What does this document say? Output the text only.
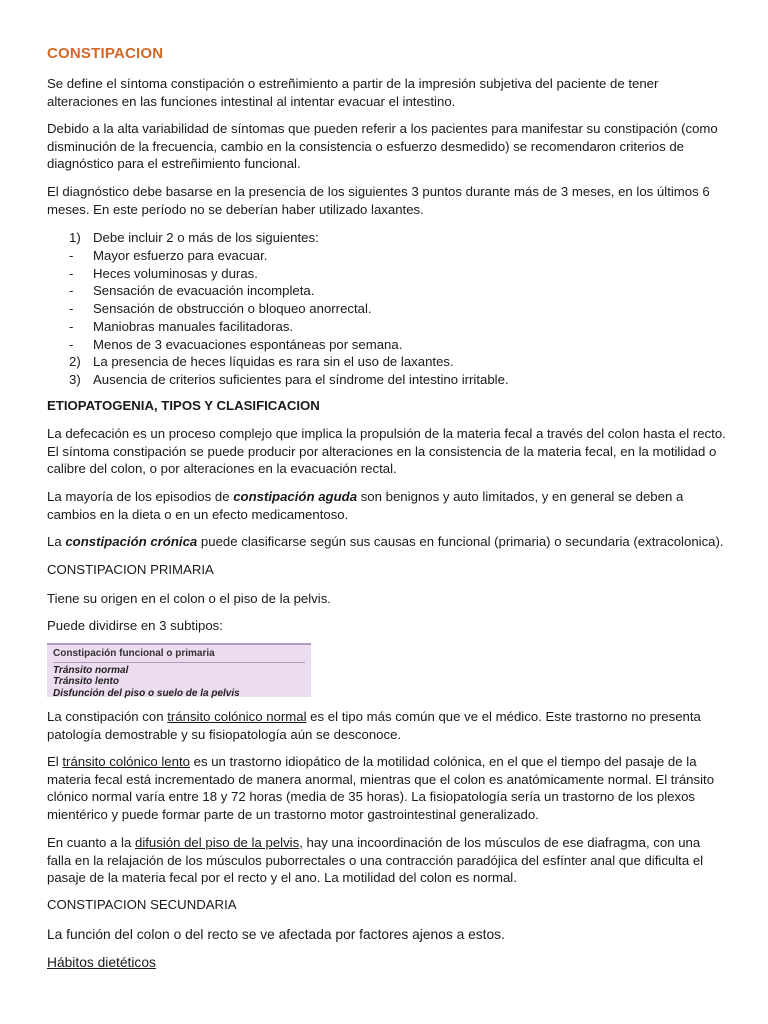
CONSTIPACION

Se define el síntoma constipación o estreñimiento a partir de la impresión subjetiva del paciente de tener alteraciones en las funciones intestinal al intentar evacuar el intestino.

Debido a la alta variabilidad de síntomas que pueden referir a los pacientes para manifestar su constipación (como disminución de la frecuencia, cambio en la consistencia o esfuerzo desmedido) se recomendaron criterios de diagnóstico para el estreñimiento funcional.

El diagnóstico debe basarse en la presencia de los siguientes 3 puntos durante más de 3 meses, en los últimos 6 meses. En este período no se deberían haber utilizado laxantes.

1) Debe incluir 2 o más de los siguientes:
-	Mayor esfuerzo para evacuar.
-	Heces voluminosas y duras.
-	Sensación de evacuación incompleta.
-	Sensación de obstrucción o bloqueo anorrectal.
-	Maniobras manuales facilitadoras.
-	Menos de 3 evacuaciones espontáneas por semana.
2) La presencia de heces líquidas es rara sin el uso de laxantes.
3) Ausencia de criterios suficientes para el síndrome del intestino irritable.
ETIOPATOGENIA, TIPOS Y CLASIFICACION

La defecación es un proceso complejo que implica la propulsión de la materia fecal a través del colon hasta el recto. El síntoma constipación se puede producir por alteraciones en la consistencia de la materia fecal, en la motilidad o calibre del colon, o por alteraciones en la evacuación rectal.

La mayoría de los episodios de constipación aguda son benignos y auto limitados, y en general se deben a cambios en la dieta o en un efecto medicamentoso.

La constipación crónica puede clasificarse según sus causas en funcional (primaria) o secundaria (extracolonica).

CONSTIPACION PRIMARIA

Tiene su origen en el colon o el piso de la pelvis.

Puede dividirse en 3 subtipos:

Constipación funcional o primaria
Tránsito normal
Tránsito lento
Disfunción del piso o suelo de la pelvis

La constipación con tránsito colónico normal es el tipo más común que ve el médico. Este trastorno no presenta patología demostrable y su fisiopatología aún se desconoce.

El tránsito colónico lento es un trastorno idiopático de la motilidad colónica, en el que el tiempo del pasaje de la materia fecal está incrementado de manera anormal, mientras que el colon es anatómicamente normal. El tránsito clónico normal varía entre 18 y 72 horas (media de 35 horas). La fisiopatología sería un trastorno de los plexos mientérico y puede formar parte de un trastorno motor gastrointestinal generalizado.

En cuanto a la difusión del piso de la pelvis, hay una incoordinación de los músculos de ese diafragma, con una falla en la relajación de los músculos puborrectales o una contracción paradójica del esfínter anal que dificulta el pasaje de la materia fecal por el recto y el ano. La motilidad del colon es normal.

CONSTIPACION SECUNDARIA

La función del colon o del recto se ve afectada por factores ajenos a estos.

Hábitos dietéticos
